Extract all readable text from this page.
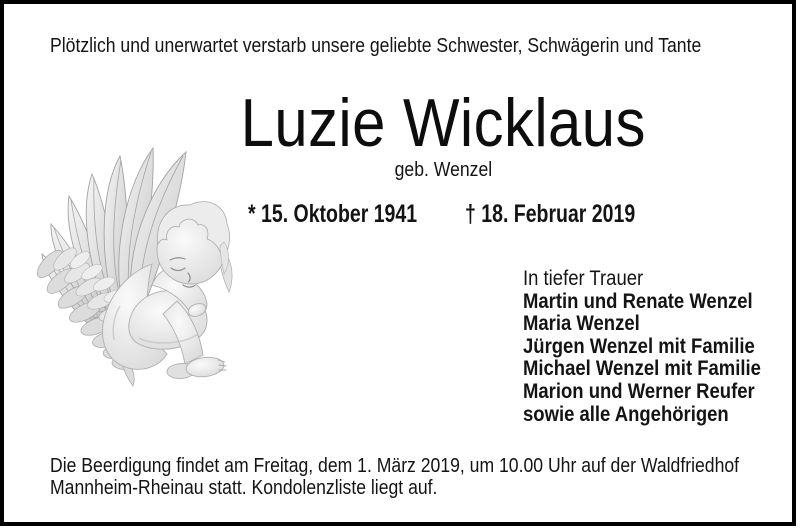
Plötzlich und unerwartet verstarb unsere geliebte Schwester, Schwägerin und Tante
Luzie Wicklaus
geb. Wenzel
* 15. Oktober 1941	† 18. Februar 2019
In tiefer Trauer
Martin und Renate Wenzel
Maria Wenzel
Jürgen Wenzel mit Familie
Michael Wenzel mit Familie
Marion und Werner Reufer
sowie alle Angehörigen
Die Beerdigung findet am Freitag, dem 1. März 2019, um 10.00 Uhr auf der Waldfriedhof Mannheim-Rheinau statt. Kondolenzliste liegt auf.
